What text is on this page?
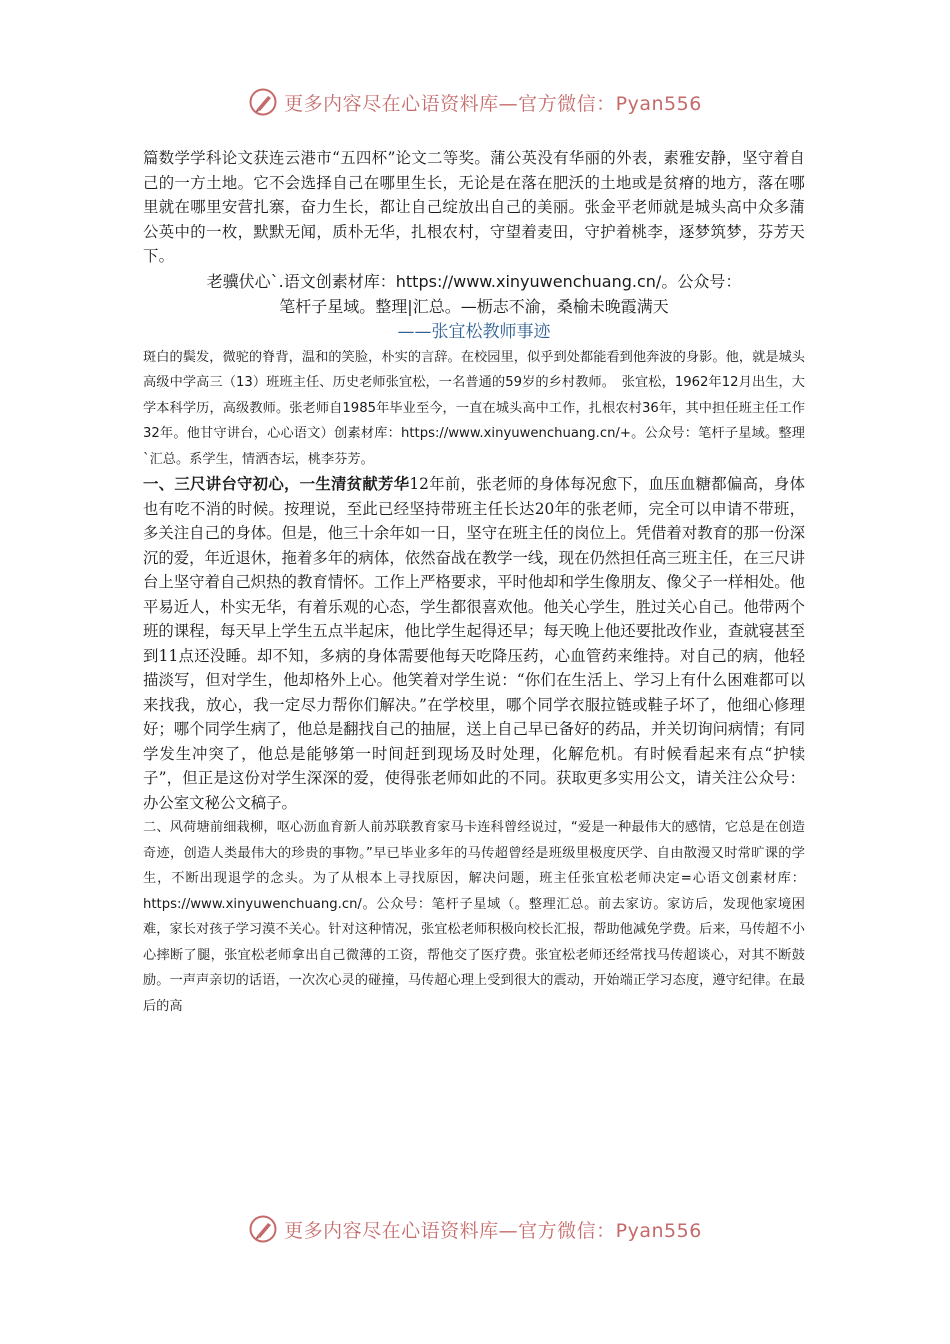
更多内容尽在心语资料库—官方微信：Pyan556

篇数学学科论文获连云港市“五四杯”论文二等奖。蒲公英没有华丽的外表，素雅安静，坚守着自己的一方土地。它不会选择自己在哪里生长，无论是在落在肥沃的土地或是贫瘠的地方，落在哪里就在哪里安营扎寨，奋力生长，都让自己绽放出自己的美丽。张金平老师就是城头高中众多蒲公英中的一枚，默默无闻，质朴无华，扎根农村，守望着麦田，守护着桃李，逐梦筑梦，芬芳天下。

老骥伏心`.语文创素材库：https://www.xinyuwenchuang.cn/。公众号：

笔杆子星域。整理|汇总。—枥志不渝，桑榆未晚霞满天

——张宜松教师事迹

斑白的鬓发，微驼的脊背，温和的笑脸，朴实的言辞。在校园里，似乎到处都能看到他奔波的身影。他，就是城头高级中学高三（13）班班主任、历史老师张宜松，一名普通的59岁的乡村教师。　张宜松，1962年12月出生，大学本科学历，高级教师。张老师自1985年毕业至今，一直在城头高中工作，扎根农村36年，其中担任班主任工作32年。他甘守讲台，心心语文）创素材库：https://www.xinyuwenchuang.cn/+。公众号：笔杆子星域。整理`汇总。系学生，情洒杏坛，桃李芬芳。

一、三尺讲台守初心，一生清贫献芳华12年前，张老师的身体每况愈下，血压血糖都偏高，身体也有吃不消的时候。按理说，至此已经坚持带班主任长达20年的张老师，完全可以申请不带班，多关注自己的身体。但是，他三十余年如一日，坚守在班主任的岗位上。凭借着对教育的那一份深沉的爱，年近退休，拖着多年的病体，依然奋战在教学一线，现在仍然担任高三班主任，在三尺讲台上坚守着自己炽热的教育情怀。工作上严格要求，平时他却和学生像朋友、像父子一样相处。他平易近人，朴实无华，有着乐观的心态，学生都很喜欢他。他关心学生，胜过关心自己。他带两个班的课程，每天早上学生五点半起床，他比学生起得还早；每天晚上他还要批改作业，查就寝甚至到11点还没睡。却不知，多病的身体需要他每天吃降压药，心血管药来维持。对自己的病，他轻描淡写，但对学生，他却格外上心。他笑着对学生说：“你们在生活上、学习上有什么困难都可以来找我，放心，我一定尽力帮你们解决。”在学校里，哪个同学衣服拉链或鞋子坏了，他细心修理好；哪个同学生病了，他总是翻找自己的抽屉，送上自己早已备好的药品，并关切询问病情；有同学发生冲突了，他总是能够第一时间赶到现场及时处理，化解危机。有时候看起来有点“护犊子”，但正是这份对学生深深的爱，使得张老师如此的不同。获取更多实用公文，请关注公众号：办公室文秘公文稿子。

二、风荷塘前细栽柳，呕心沥血育新人前苏联教育家马卡连科曾经说过，“爱是一种最伟大的感情，它总是在创造奇迹，创造人类最伟大的珍贵的事物。”早已毕业多年的马传超曾经是班级里极度厌学、自由散漫又时常旷课的学生，不断出现退学的念头。为了从根本上寻找原因，解决问题，班主任张宜松老师决定=心语文创素材库：https://www.xinyuwenchuang.cn/。公众号：笔杆子星域（。整理汇总。前去家访。家访后，发现他家境困难，家长对孩子学习漠不关心。针对这种情况，张宜松老师积极向校长汇报，帮助他减免学费。后来，马传超不小心摔断了腿，张宜松老师拿出自己微薄的工资，帮他交了医疗费。张宜松老师还经常找马传超谈心，对其不断鼓励。一声声亲切的话语，一次次心灵的碰撞，马传超心理上受到很大的震动，开始端正学习态度，遵守纪律。在最后的高

更多内容尽在心语资料库—官方微信：Pyan556
